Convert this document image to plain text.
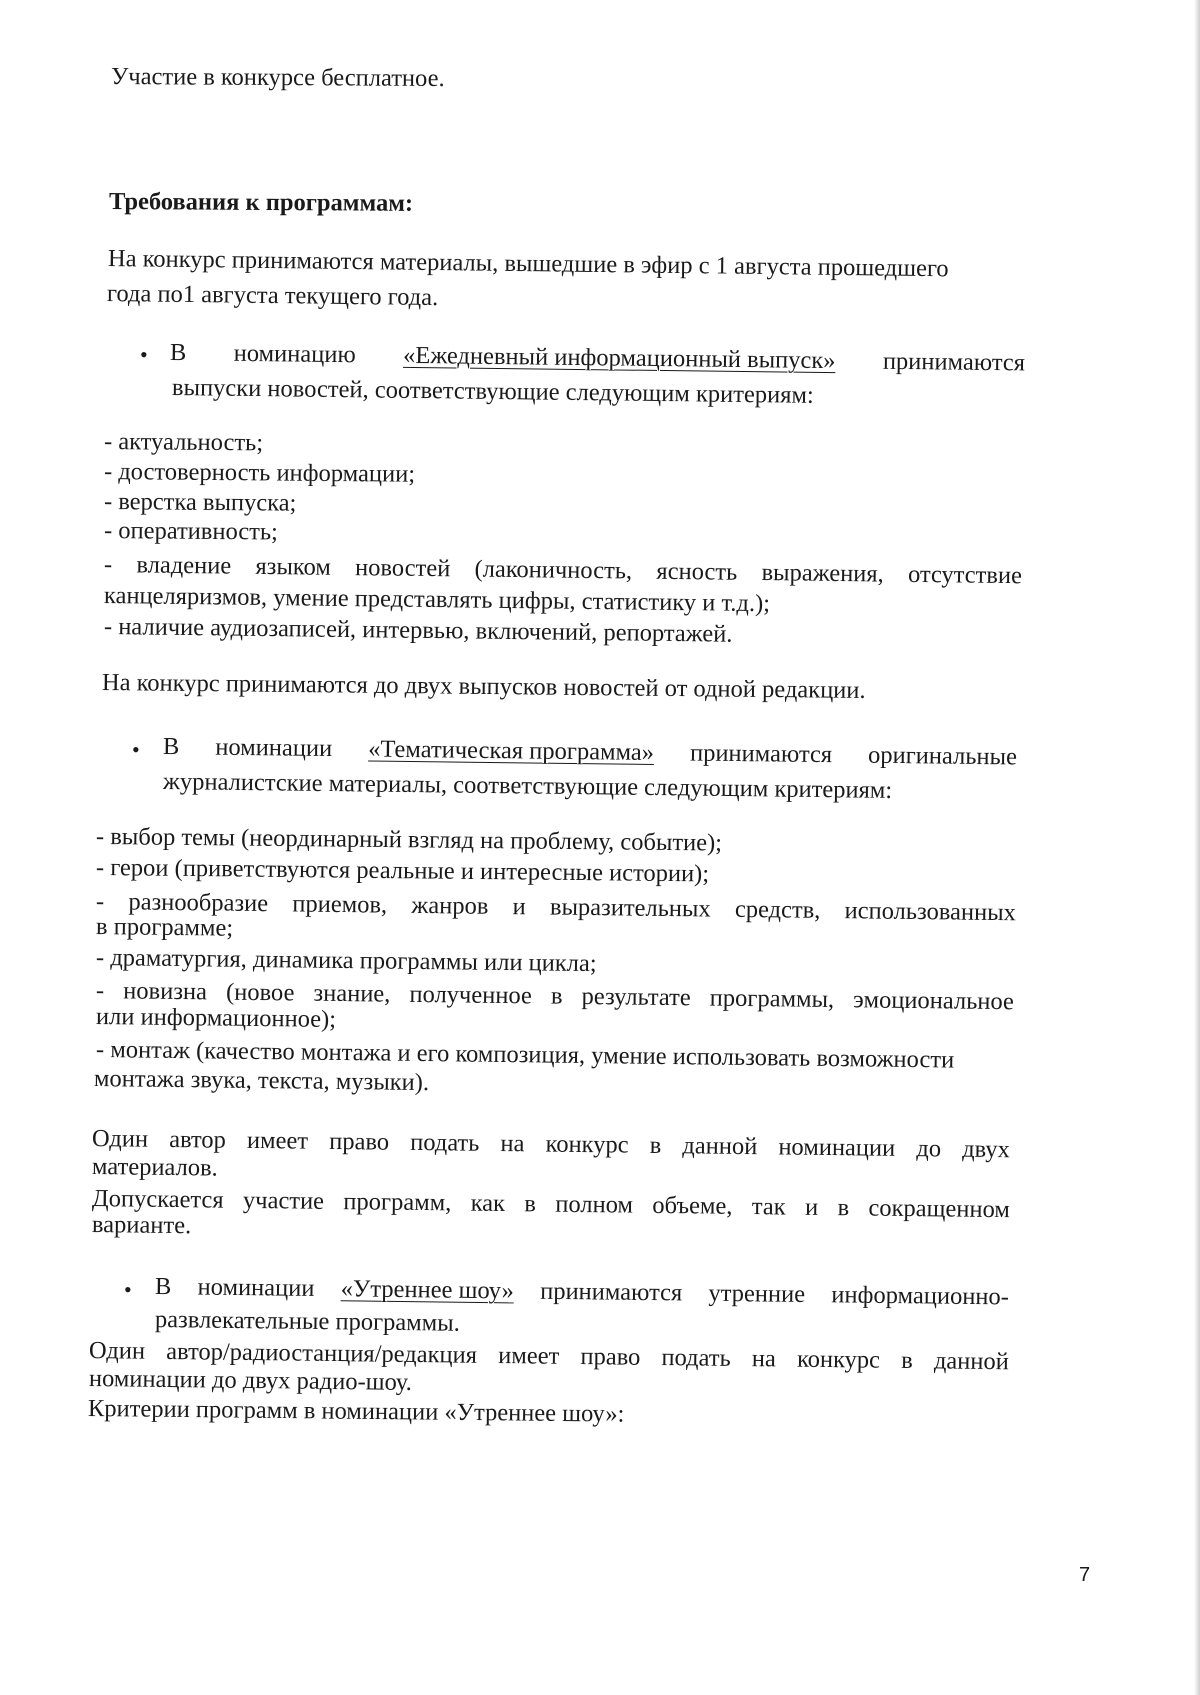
Участие в конкурсе бесплатное.

Требования к программам:

На конкурс принимаются материалы, вышедшие в эфир с 1 августа прошедшего

года по1 августа текущего года.

• В номинацию «Ежедневный информационный выпуск» принимаются

выпуски новостей, соответствующие следующим критериям:

- актуальность;

- достоверность информации;

- верстка выпуска;

- оперативность;

- владение языком новостей (лаконичность, ясность выражения, отсутствие

канцеляризмов, умение представлять цифры, статистику и т.д.);

- наличие аудиозаписей, интервью, включений, репортажей.

На конкурс принимаются до двух выпусков новостей от одной редакции.

• В номинации «Тематическая программа» принимаются оригинальные

журналистские материалы, соответствующие следующим критериям:

- выбор темы (неординарный взгляд на проблему, событие);

- герои (приветствуются реальные и интересные истории);

- разнообразие приемов, жанров и выразительных средств, использованных

в программе;

- драматургия, динамика программы или цикла;

- новизна (новое знание, полученное в результате программы, эмоциональное

или информационное);

- монтаж (качество монтажа и его композиция, умение использовать возможности

монтажа звука, текста, музыки).

Один автор имеет право подать на конкурс в данной номинации до двух

материалов.

Допускается участие программ, как в полном объеме, так и в сокращенном

варианте.

• В номинации «Утреннее шоу» принимаются утренние информационно-

развлекательные программы.

Один автор/радиостанция/редакция имеет право подать на конкурс в данной

номинации до двух радио-шоу.

Критерии программ в номинации «Утреннее шоу»:

7
